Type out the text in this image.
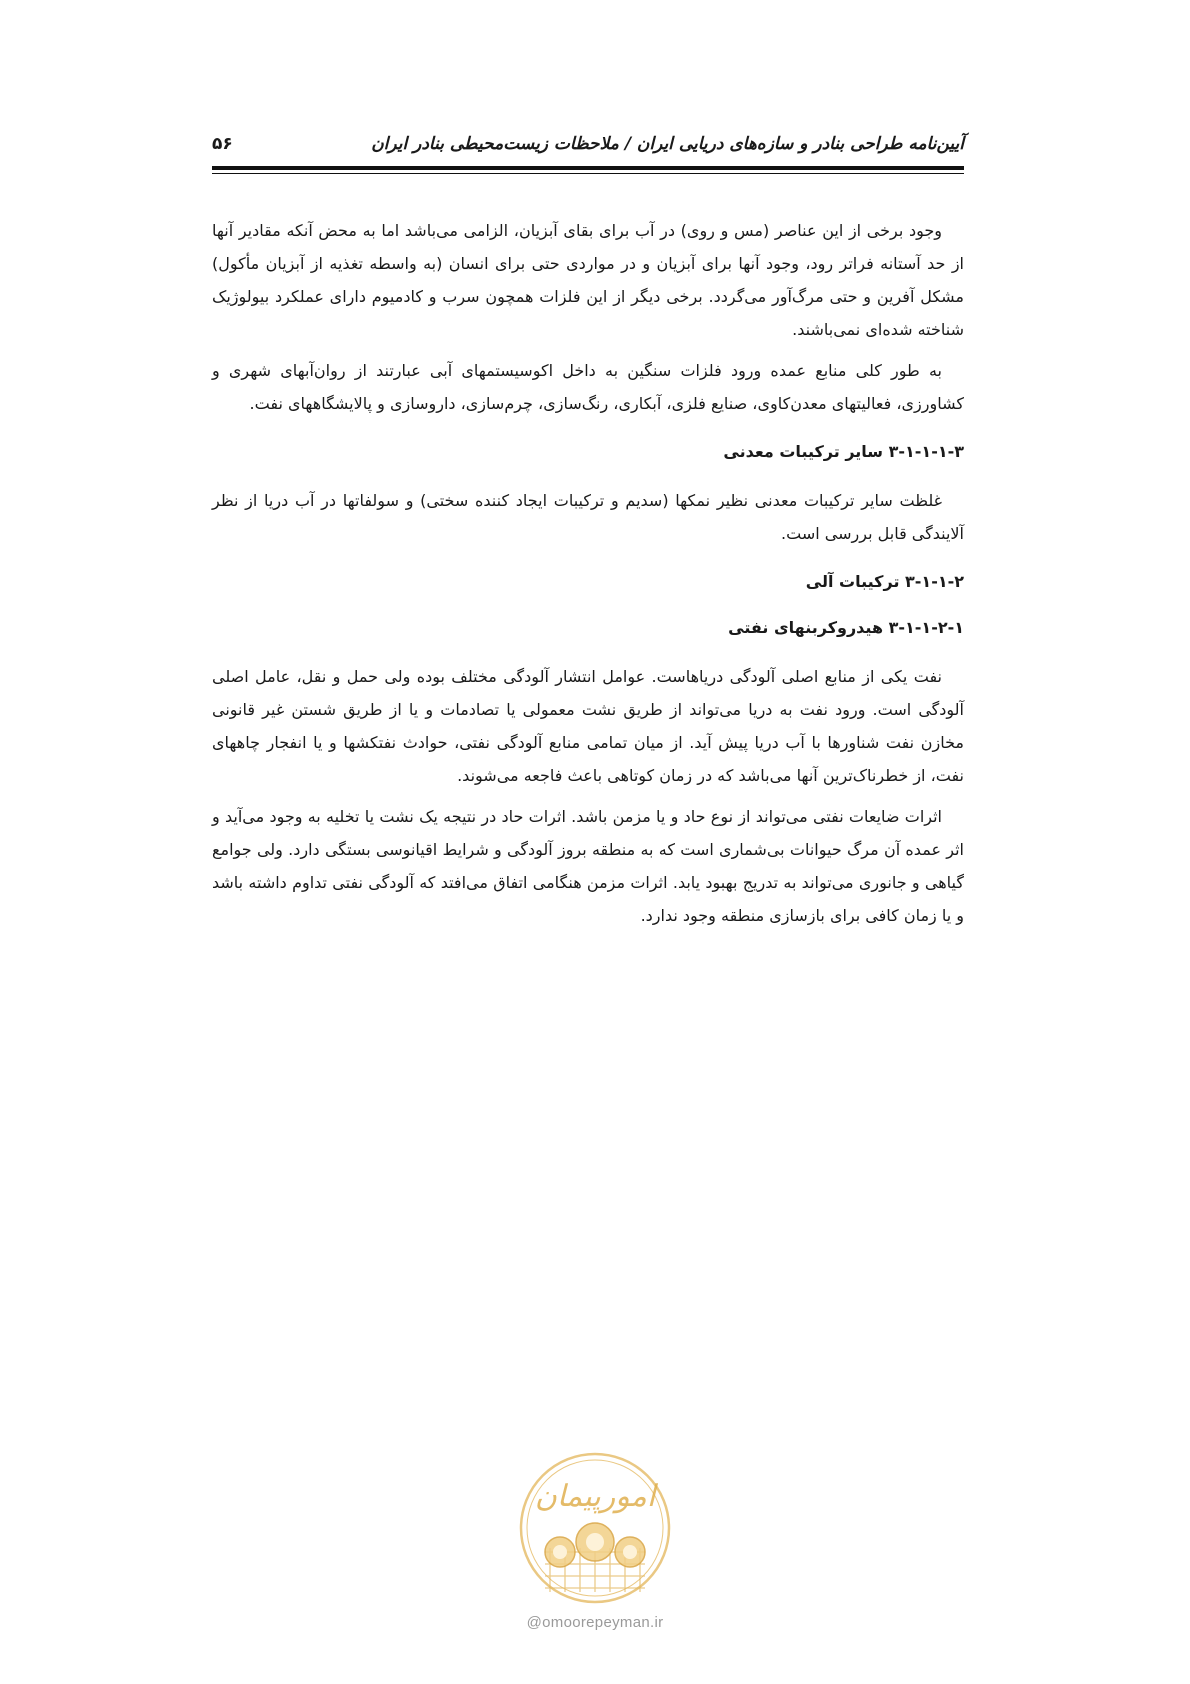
آیین‌نامه طراحی بنادر و سازه‌های دریایی ایران / ملاحظات زیست‌محیطی بنادر ایران
۵۶

وجود برخی از این عناصر (مس و روی) در آب برای بقای آبزیان، الزامی می‌باشد اما به محض آنکه مقادیر آنها از حد آستانه فراتر رود، وجود آنها برای آبزیان و در مواردی حتی برای انسان (به واسطه تغذیه از آبزیان مأکول) مشکل آفرین و حتی مرگ‌آور می‌گردد. برخی دیگر از این فلزات همچون سرب و کادمیوم دارای عملکرد بیولوژیک شناخته شده‌ای نمی‌باشند.

به طور کلی منابع عمده ورود فلزات سنگین به داخل اکوسیستمهای آبی عبارتند از روان‌آبهای شهری و کشاورزی، فعالیتهای معدن‌کاوی، صنایع فلزی، آبکاری، رنگ‌سازی، چرم‌سازی، داروسازی و پالایشگاههای نفت.

۳-۱-۱-۱-۳ سایر ترکیبات معدنی

غلظت سایر ترکیبات معدنی نظیر نمکها (سدیم و ترکیبات ایجاد کننده سختی) و سولفاتها در آب دریا از نظر آلایندگی قابل بررسی است.

۳-۱-۱-۲ ترکیبات آلی
۳-۱-۱-۲-۱ هیدروکربنهای نفتی

نفت یکی از منابع اصلی آلودگی دریاهاست. عوامل انتشار آلودگی مختلف بوده ولی حمل و نقل، عامل اصلی آلودگی است. ورود نفت به دریا می‌تواند از طریق نشت معمولی یا تصادمات و یا از طریق شستن غیر قانونی مخازن نفت شناورها با آب دریا پیش آید. از میان تمامی منابع آلودگی نفتی، حوادث نفتکشها و یا انفجار چاههای نفت، از خطرناک‌ترین آنها می‌باشد که در زمان کوتاهی باعث فاجعه می‌شوند.

اثرات ضایعات نفتی می‌تواند از نوع حاد و یا مزمن باشد. اثرات حاد در نتیجه یک نشت یا تخلیه به وجود می‌آید و اثر عمده آن مرگ حیوانات بی‌شماری است که به منطقه بروز آلودگی و شرایط اقیانوسی بستگی دارد. ولی جوامع گیاهی و جانوری می‌تواند به تدریج بهبود یابد. اثرات مزمن هنگامی اتفاق می‌افتد که آلودگی نفتی تداوم داشته باشد و یا زمان کافی برای بازسازی منطقه وجود ندارد.

امورپیمان
@omoorepeyman.ir
